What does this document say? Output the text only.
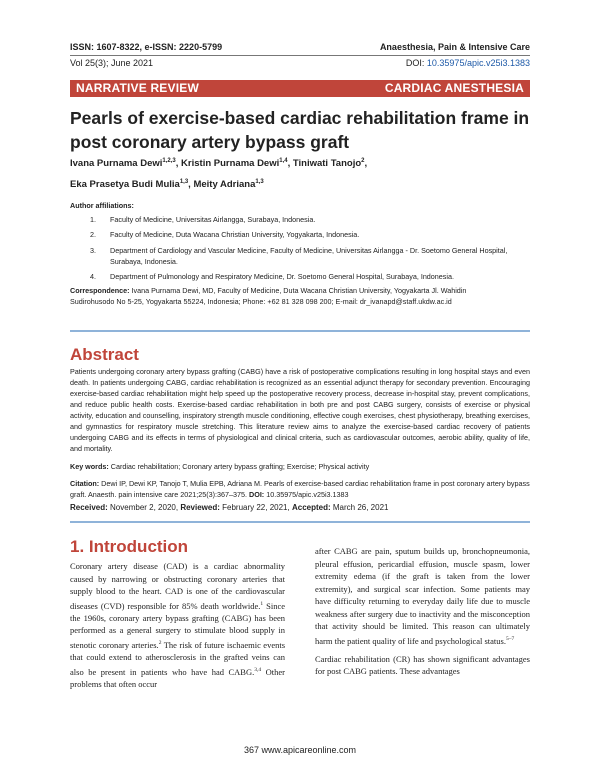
ISSN: 1607-8322, e-ISSN: 2220-5799	Anaesthesia, Pain & Intensive Care
Vol 25(3); June 2021	DOI: 10.35975/apic.v25i3.1383
NARRATIVE REVIEW	CARDIAC ANESTHESIA
Pearls of exercise-based cardiac rehabilitation frame in
post coronary artery bypass graft
Ivana Purnama Dewi$^{1,2,3}$, Kristin Purnama Dewi$^{1,4}$, Tiniwati Tanojo$^2$,
Eka Prasetya Budi Mulia$^{1,3}$, Meity Adriana$^{1,3}$
Author affiliations:
1. Faculty of Medicine, Universitas Airlangga, Surabaya, Indonesia.
2. Faculty of Medicine, Duta Wacana Christian University, Yogyakarta, Indonesia.
3. Department of Cardiology and Vascular Medicine, Faculty of Medicine, Universitas Airlangga - Dr. Soetomo General Hospital, Surabaya, Indonesia.
4. Department of Pulmonology and Respiratory Medicine, Dr. Soetomo General Hospital, Surabaya, Indonesia.
Correspondence: Ivana Purnama Dewi, MD, Faculty of Medicine, Duta Wacana Christian University, Yogyakarta Jl. Wahidin Sudirohusodo No 5-25, Yogyakarta 55224, Indonesia; Phone: +62 81 328 098 200; E-mail: dr_ivanapd@staff.ukdw.ac.id
Abstract
Patients undergoing coronary artery bypass grafting (CABG) have a risk of postoperative complications resulting in long hospital stays and even death. In patients undergoing CABG, cardiac rehabilitation is recognized as an essential adjunct therapy for secondary prevention. Encouraging exercise-based cardiac rehabilitation might help speed up the postoperative recovery process, decrease in-hospital stay, prevent complications, and reduce public health costs. Exercise-based cardiac rehabilitation in both pre and post CABG surgery, consists of exercise or physical activity, education and counselling, inspiratory strength muscle conditioning, effective cough exercises, chest physiotherapy, breathing exercises, and gymnastics for respiratory muscle stretching. This literature review aims to analyze the exercise-based cardiac recovery of patients undergoing CABG and its effects in terms of physiological and clinical criteria, such as cardiovascular outcomes, aerobic ability, quality of life, and mortality.
Key words: Cardiac rehabilitation; Coronary artery bypass grafting; Exercise; Physical activity
Citation: Dewi IP, Dewi KP, Tanojo T, Mulia EPB, Adriana M. Pearls of exercise-based cardiac rehabilitation frame in post coronary artery bypass graft. Anaesth. pain intensive care 2021;25(3):367–375. DOI: 10.35975/apic.v25i3.1383
Received: November 2, 2020, Reviewed: February 22, 2021, Accepted: March 26, 2021
1. Introduction

Coronary artery disease (CAD) is a cardiac abnormality caused by narrowing or obstructing coronary arteries that supply blood to the heart. CAD is one of the cardiovascular diseases (CVD) responsible for 85% death worldwide.$^1$ Since the 1960s, coronary artery bypass grafting (CABG) has been performed as a general surgery to stimulate blood supply in stenotic coronary arteries.$^2$ The risk of future ischaemic events that could extend to atherosclerosis in the grafted veins can also be present in patients who have had CABG.$^{3,4}$ Other problems that often occur

after CABG are pain, sputum builds up, bronchopneumonia, pleural effusion, pericardial effusion, muscle spasm, lower extremity edema (if the graft is taken from the lower extremity), and surgical scar infection. Some patients may have difficulty returning to everyday daily life due to muscle weakness after surgery due to inactivity and the misconception that activity should be limited. This reason can ultimately harm the patient quality of life and psychological status.$^{5-7}$

Cardiac rehabilitation (CR) has shown significant advantages for post CABG patients. These advantages

367 www.apicareonline.com
